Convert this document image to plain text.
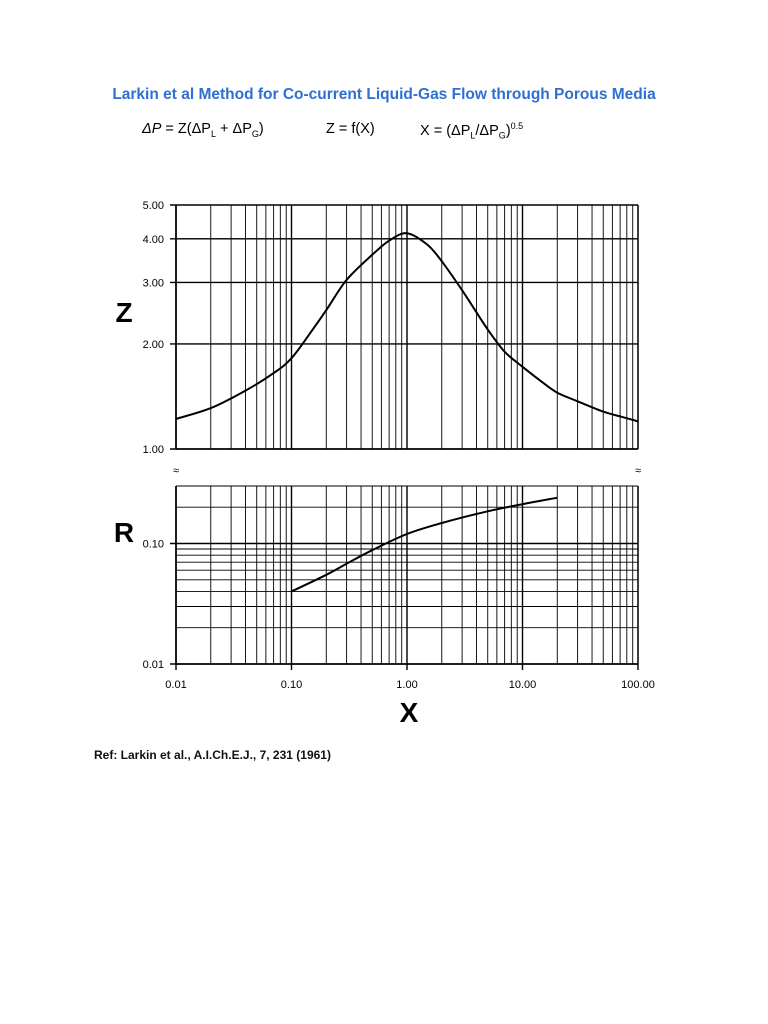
Larkin et al Method for Co-current Liquid-Gas Flow through Porous Media
$\Delta P = Z(\Delta P_L + \Delta P_G)$	Z = f(X)	$X = (\Delta P_L/\Delta P_G)^{0.5}$
1.00
2.00
3.00
4.00
5.00
0.01
0.10
0.01	0.10	1.00	10.00	100.00
≈	≈
Z
R
X
Ref: Larkin et al., A.I.Ch.E.J., 7, 231 (1961)
